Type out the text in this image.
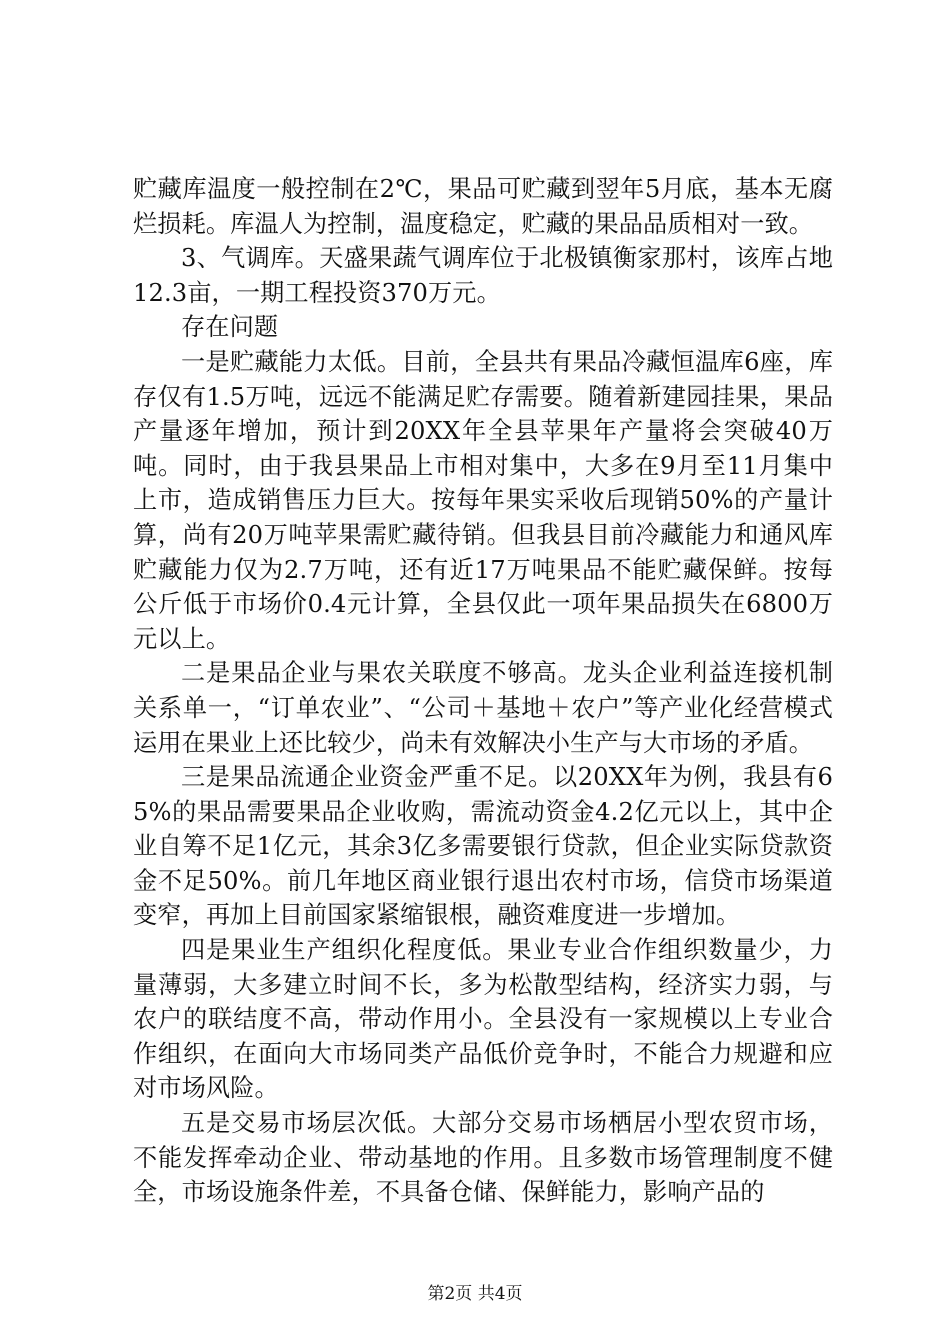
贮藏库温度一般控制在2℃，果品可贮藏到翌年5月底，基本无腐烂损耗。库温人为控制，温度稳定，贮藏的果品品质相对一致。

3、气调库。天盛果蔬气调库位于北极镇衡家那村，该库占地12.3亩，一期工程投资370万元。

存在问题

一是贮藏能力太低。目前，全县共有果品冷藏恒温库6座，库存仅有1.5万吨，远远不能满足贮存需要。随着新建园挂果，果品产量逐年增加，预计到20XX年全县苹果年产量将会突破40万吨。同时，由于我县果品上市相对集中，大多在9月至11月集中上市，造成销售压力巨大。按每年果实采收后现销50%的产量计算，尚有20万吨苹果需贮藏待销。但我县目前冷藏能力和通风库贮藏能力仅为2.7万吨，还有近17万吨果品不能贮藏保鲜。按每公斤低于市场价0.4元计算，全县仅此一项年果品损失在6800万元以上。

二是果品企业与果农关联度不够高。龙头企业利益连接机制关系单一，“订单农业”、“公司＋基地＋农户”等产业化经营模式运用在果业上还比较少，尚未有效解决小生产与大市场的矛盾。

三是果品流通企业资金严重不足。以20XX年为例，我县有65%的果品需要果品企业收购，需流动资金4.2亿元以上，其中企业自筹不足1亿元，其余3亿多需要银行贷款，但企业实际贷款资金不足50%。前几年地区商业银行退出农村市场，信贷市场渠道变窄，再加上目前国家紧缩银根，融资难度进一步增加。

四是果业生产组织化程度低。果业专业合作组织数量少，力量薄弱，大多建立时间不长，多为松散型结构，经济实力弱，与农户的联结度不高，带动作用小。全县没有一家规模以上专业合作组织，在面向大市场同类产品低价竞争时，不能合力规避和应对市场风险。

五是交易市场层次低。大部分交易市场栖居小型农贸市场，不能发挥牵动企业、带动基地的作用。且多数市场管理制度不健全，市场设施条件差，不具备仓储、保鲜能力，影响产品的

第2页 共4页
